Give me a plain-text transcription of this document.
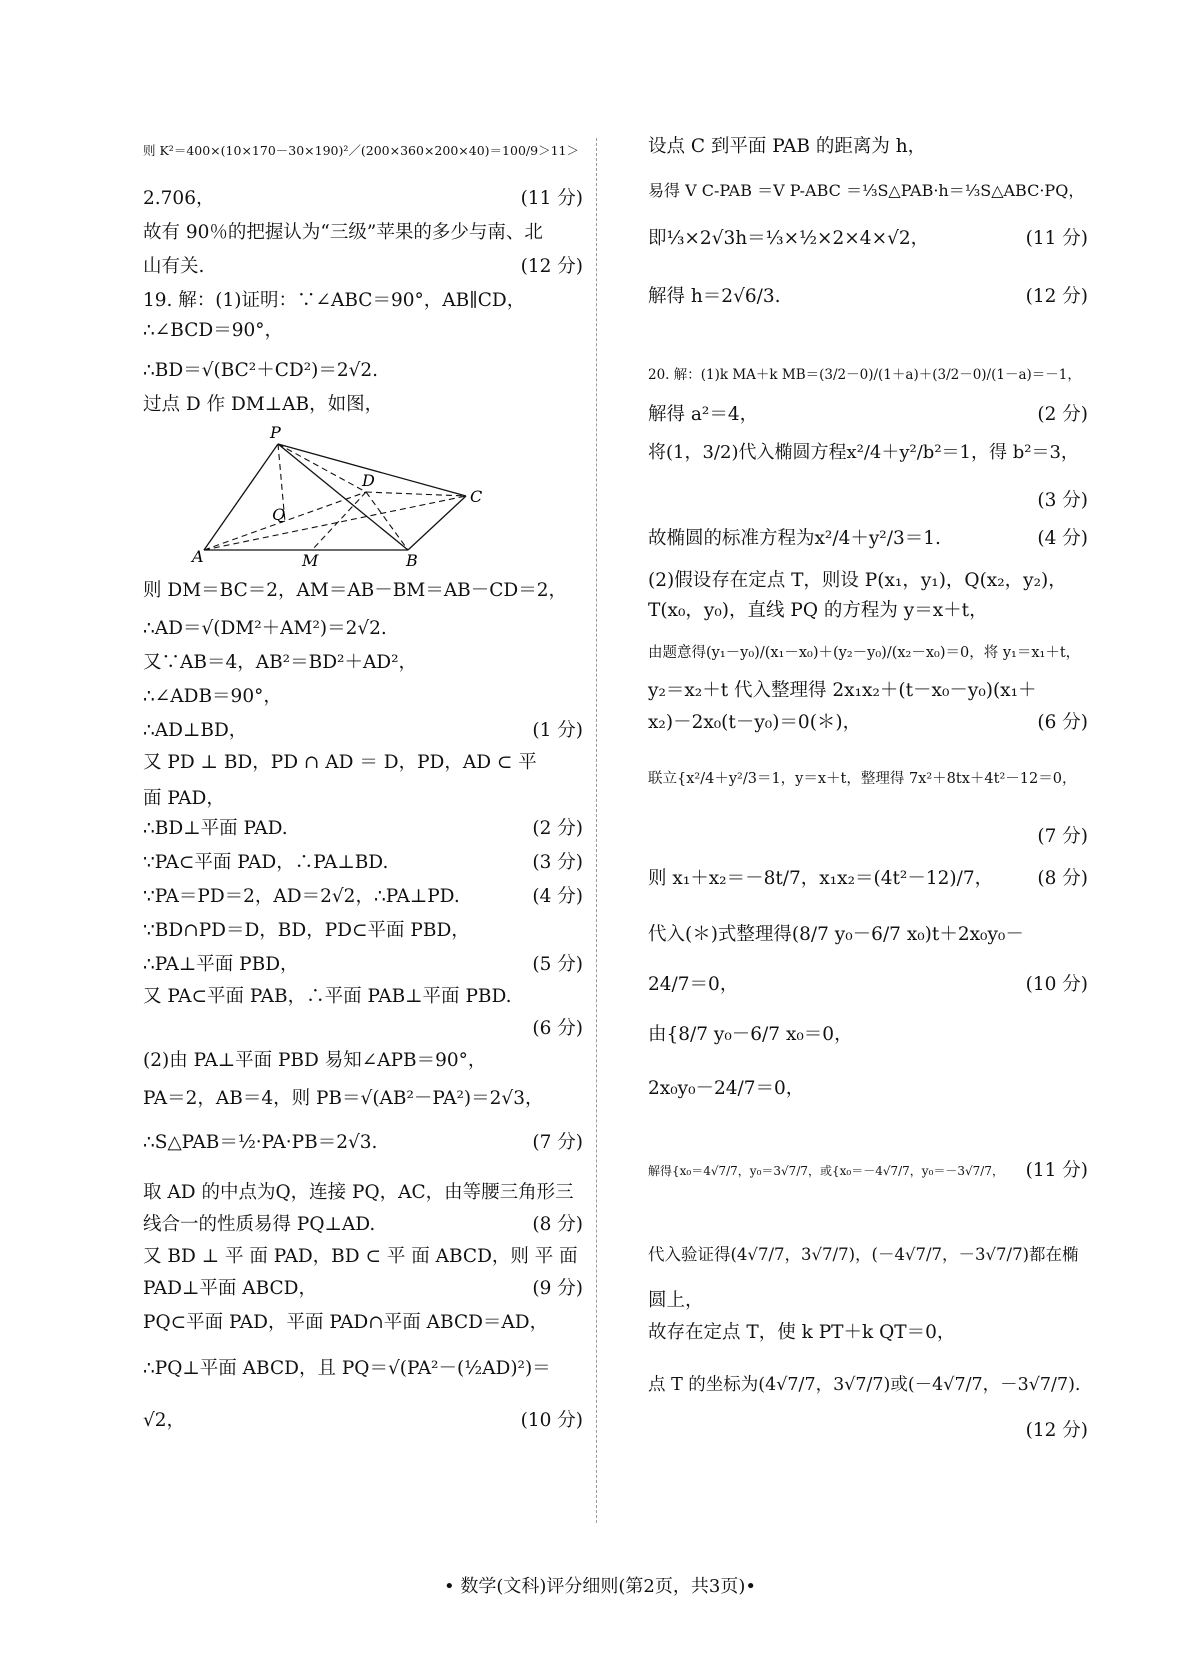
则 K²＝400×(10×170－30×190)²／(200×360×200×40)＝100/9＞11＞
2.706，	(11 分)
故有 90％的把握认为“三级”苹果的多少与南、北
山有关.	(12 分)
19. 解：(1)证明：∵∠ABC＝90°，AB∥CD，
∴∠BCD＝90°，
∴BD＝√(BC²＋CD²)＝2√2.
过点 D 作 DM⊥AB，如图，
则 DM＝BC＝2，AM＝AB－BM＝AB－CD＝2，
∴AD＝√(DM²＋AM²)＝2√2.
又∵AB＝4，AB²＝BD²＋AD²，
∴∠ADB＝90°，
∴AD⊥BD，	(1 分)
又 PD ⊥ BD，PD ∩ AD ＝ D，PD，AD ⊂ 平
面 PAD，
∴BD⊥平面 PAD.	(2 分)
∵PA⊂平面 PAD，∴PA⊥BD.	(3 分)
∵PA＝PD＝2，AD＝2√2，∴PA⊥PD.	(4 分)
∵BD∩PD＝D，BD，PD⊂平面 PBD，
∴PA⊥平面 PBD，	(5 分)
又 PA⊂平面 PAB，∴平面 PAB⊥平面 PBD.
(6 分)
(2)由 PA⊥平面 PBD 易知∠APB＝90°，
PA＝2，AB＝4，则 PB＝√(AB²－PA²)＝2√3，
∴S△PAB＝½·PA·PB＝2√3.	(7 分)
取 AD 的中点为Q，连接 PQ，AC，由等腰三角形三
线合一的性质易得 PQ⊥AD.	(8 分)
又 BD ⊥ 平 面 PAD，BD ⊂ 平 面 ABCD，则 平 面
PAD⊥平面 ABCD，	(9 分)
PQ⊂平面 PAD，平面 PAD∩平面 ABCD＝AD，
∴PQ⊥平面 ABCD，且 PQ＝√(PA²－(½AD)²)＝
√2，	(10 分)
设点 C 到平面 PAB 的距离为 h，
易得 V C-PAB ＝V P-ABC ＝⅓S△PAB·h＝⅓S△ABC·PQ，
即⅓×2√3h＝⅓×½×2×4×√2，	(11 分)
解得 h＝2√6/3.	(12 分)
20. 解：(1)k MA＋k MB＝(3/2－0)/(1＋a)＋(3/2－0)/(1－a)＝－1，
解得 a²＝4，	(2 分)
将(1，3/2)代入椭圆方程x²/4＋y²/b²＝1，得 b²＝3，
(3 分)
故椭圆的标准方程为x²/4＋y²/3＝1.	(4 分)
(2)假设存在定点 T，则设 P(x₁，y₁)，Q(x₂，y₂)，
T(x₀，y₀)，直线 PQ 的方程为 y＝x＋t，
由题意得(y₁－y₀)/(x₁－x₀)＋(y₂－y₀)/(x₂－x₀)＝0，将 y₁＝x₁＋t，
y₂＝x₂＋t 代入整理得 2x₁x₂＋(t－x₀－y₀)(x₁＋
x₂)－2x₀(t－y₀)＝0(＊)，	(6 分)
联立{x²/4＋y²/3＝1，y＝x＋t，整理得 7x²＋8tx＋4t²－12＝0，
(7 分)
则 x₁＋x₂＝－8t/7，x₁x₂＝(4t²－12)/7， (8 分)
代入(＊)式整理得(8/7 y₀－6/7 x₀)t＋2x₀y₀－
24/7＝0，	(10 分)
由{8/7 y₀－6/7 x₀＝0，
2x₀y₀－24/7＝0，
解得{x₀＝4√7/7，y₀＝3√7/7，或{x₀＝－4√7/7，y₀＝－3√7/7， (11 分)
代入验证得(4√7/7，3√7/7)，(－4√7/7，－3√7/7)都在椭
圆上，
故存在定点 T，使 k PT＋k QT＝0，
点 T 的坐标为(4√7/7，3√7/7)或(－4√7/7，－3√7/7).
(12 分)
P
D
C
Q
A	M	B
• 数学(文科)评分细则(第2页，共3页)•
